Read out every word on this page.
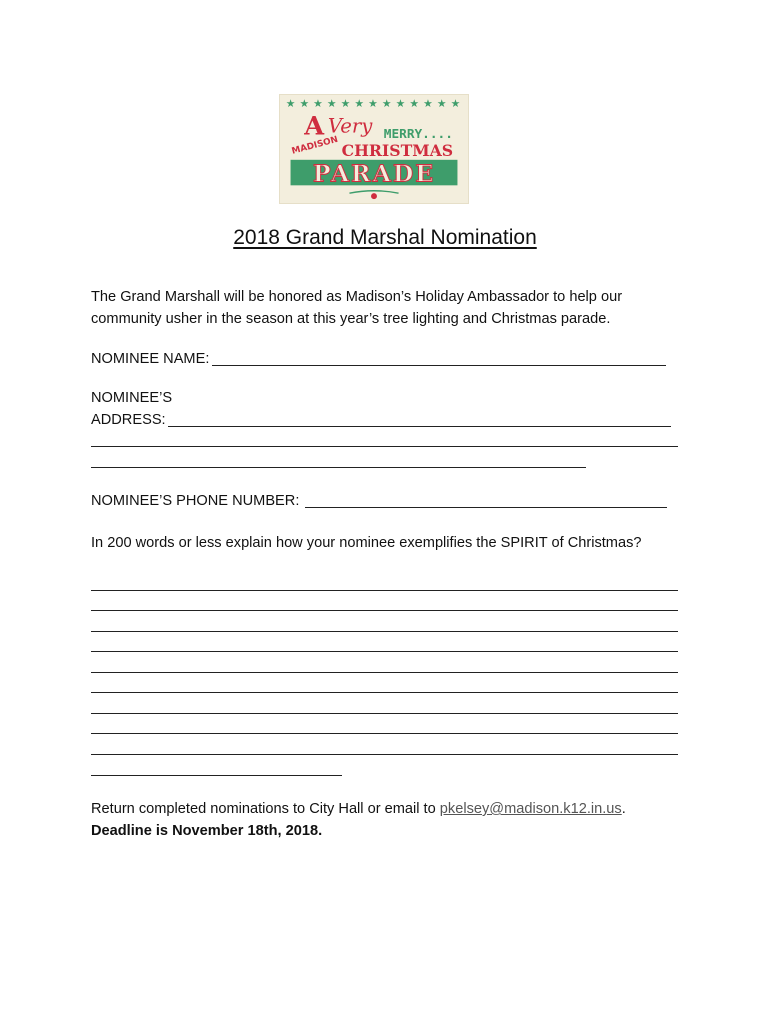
★ ★ ★ ★ ★ ★ ★ ★ ★ ★ ★ ★ ★
A Very MERRY....
MADISON CHRISTMAS
PARADE
2018 Grand Marshal Nomination
The Grand Marshall will be honored as Madison’s Holiday Ambassador to help our
community usher in the season at this year’s tree lighting and Christmas parade.
NOMINEE NAME:
NOMINEE’S
ADDRESS:
NOMINEE’S PHONE NUMBER:
In 200 words or less explain how your nominee exemplifies the SPIRIT of Christmas?
Return completed nominations to City Hall or email to pkelsey@madison.k12.in.us.
Deadline is November 18th, 2018.
